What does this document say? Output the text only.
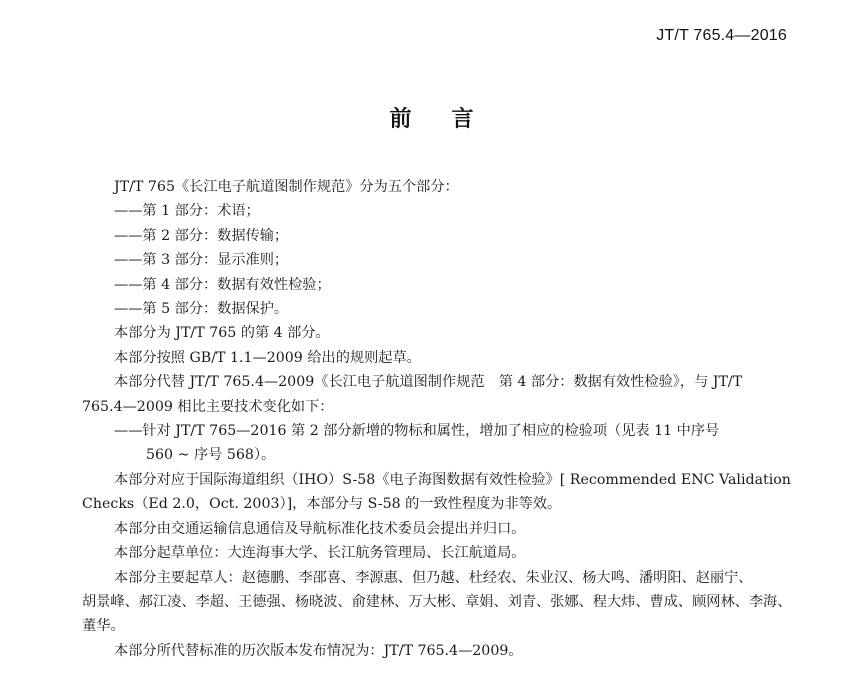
JT/T 765.4—2016
前言
JT/T 765《长江电子航道图制作规范》分为五个部分：
——第 1 部分：术语；
——第 2 部分：数据传输；
——第 3 部分：显示准则；
——第 4 部分：数据有效性检验；
——第 5 部分：数据保护。
本部分为 JT/T 765 的第 4 部分。
本部分按照 GB/T 1.1—2009 给出的规则起草。
本部分代替 JT/T 765.4—2009《长江电子航道图制作规范　第 4 部分：数据有效性检验》，与 JT/T
765.4—2009 相比主要技术变化如下：
——针对 JT/T 765—2016 第 2 部分新增的物标和属性，增加了相应的检验项（见表 11 中序号
560 ~ 序号 568）。
本部分对应于国际海道组织（IHO）S-58《电子海图数据有效性检验》[ Recommended ENC Validation
Checks（Ed 2.0，Oct. 2003）]，本部分与 S-58 的一致性程度为非等效。
本部分由交通运输信息通信及导航标准化技术委员会提出并归口。
本部分起草单位：大连海事大学、长江航务管理局、长江航道局。
本部分主要起草人：赵德鹏、李邵喜、李源惠、但乃越、杜经农、朱业汉、杨大鸣、潘明阳、赵丽宁、
胡景峰、郝江凌、李超、王德强、杨晓波、俞建林、万大彬、章娟、刘青、张娜、程大炜、曹成、顾网林、李海、
董华。
本部分所代替标准的历次版本发布情况为：JT/T 765.4—2009。
